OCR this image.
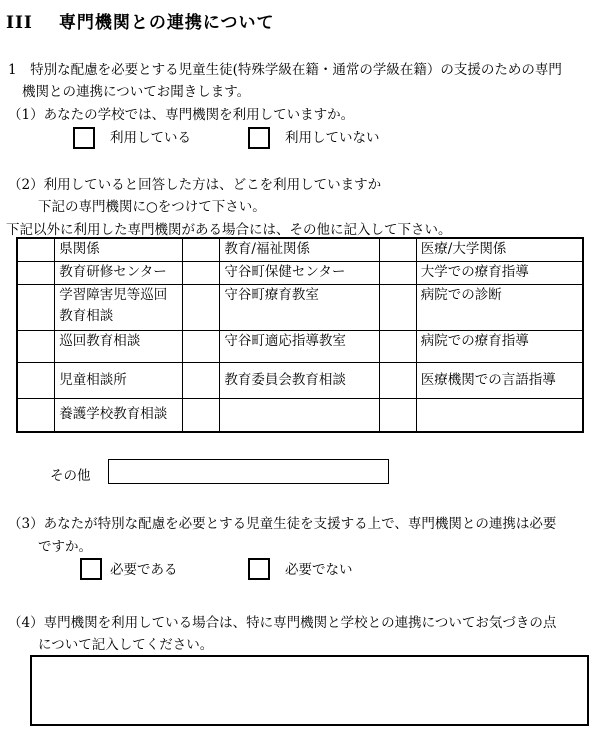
III 専門機関との連携について
1　特別な配慮を必要とする児童生徒(特殊学級在籍・通常の学級在籍）の支援のための専門
機関との連携についてお聞きします。
（1）あなたの学校では、専門機関を利用していますか。
利用している	利用していない
（2）利用していると回答した方は、どこを利用していますか
下記の専門機関に○をつけて下さい。
下記以外に利用した専門機関がある場合には、その他に記入して下さい。
	県関係		教育/福祉関係		医療/大学関係
	教育研修センター		守谷町保健センター		大学での療育指導
	学習障害児等巡回教育相談		守谷町療育教室		病院での診断
	巡回教育相談		守谷町適応指導教室		病院での療育指導
	児童相談所		教育委員会教育相談		医療機関での言語指導
	養護学校教育相談				
その他
（3）あなたが特別な配慮を必要とする児童生徒を支援する上で、専門機関との連携は必要
ですか。
必要である	必要でない
（4）専門機関を利用している場合は、特に専門機関と学校との連携についてお気づきの点
について記入してください。
